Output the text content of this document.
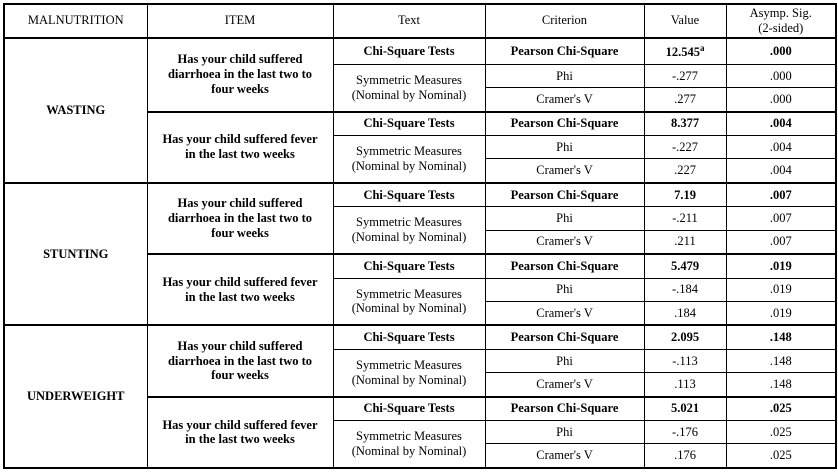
MALNUTRITION	ITEM	Text	Criterion	Value	Asymp. Sig.
(2-sided)

WASTING	Has your child suffered
diarrhoea in the last two to
four weeks	Chi-Square Tests	Pearson Chi-Square	12.545$^a$	.000

		Symmetric Measures
(Nominal by Nominal)	Phi	-.277	.000
			Cramer's V	.277	.000

	Has your child suffered fever
in the last two weeks	Chi-Square Tests	Pearson Chi-Square	8.377	.004

		Symmetric Measures
(Nominal by Nominal)	Phi	-.227	.004
			Cramer's V	.227	.004
STUNTING	Has your child suffered
diarrhoea in the last two to
four weeks	Chi-Square Tests	Pearson Chi-Square	7.19	.007

		Symmetric Measures
(Nominal by Nominal)	Phi	-.211	.007
			Cramer's V	.211	.007

	Has your child suffered fever
in the last two weeks	Chi-Square Tests	Pearson Chi-Square	5.479	.019

		Symmetric Measures
(Nominal by Nominal)	Phi	-.184	.019
			Cramer's V	.184	.019
UNDERWEIGHT	Has your child suffered
diarrhoea in the last two to
four weeks	Chi-Square Tests	Pearson Chi-Square	2.095	.148

		Symmetric Measures
(Nominal by Nominal)	Phi	-.113	.148
			Cramer's V	.113	.148

	Has your child suffered fever
in the last two weeks	Chi-Square Tests	Pearson Chi-Square	5.021	.025

		Symmetric Measures
(Nominal by Nominal)	Phi	-.176	.025
			Cramer's V	.176	.025
